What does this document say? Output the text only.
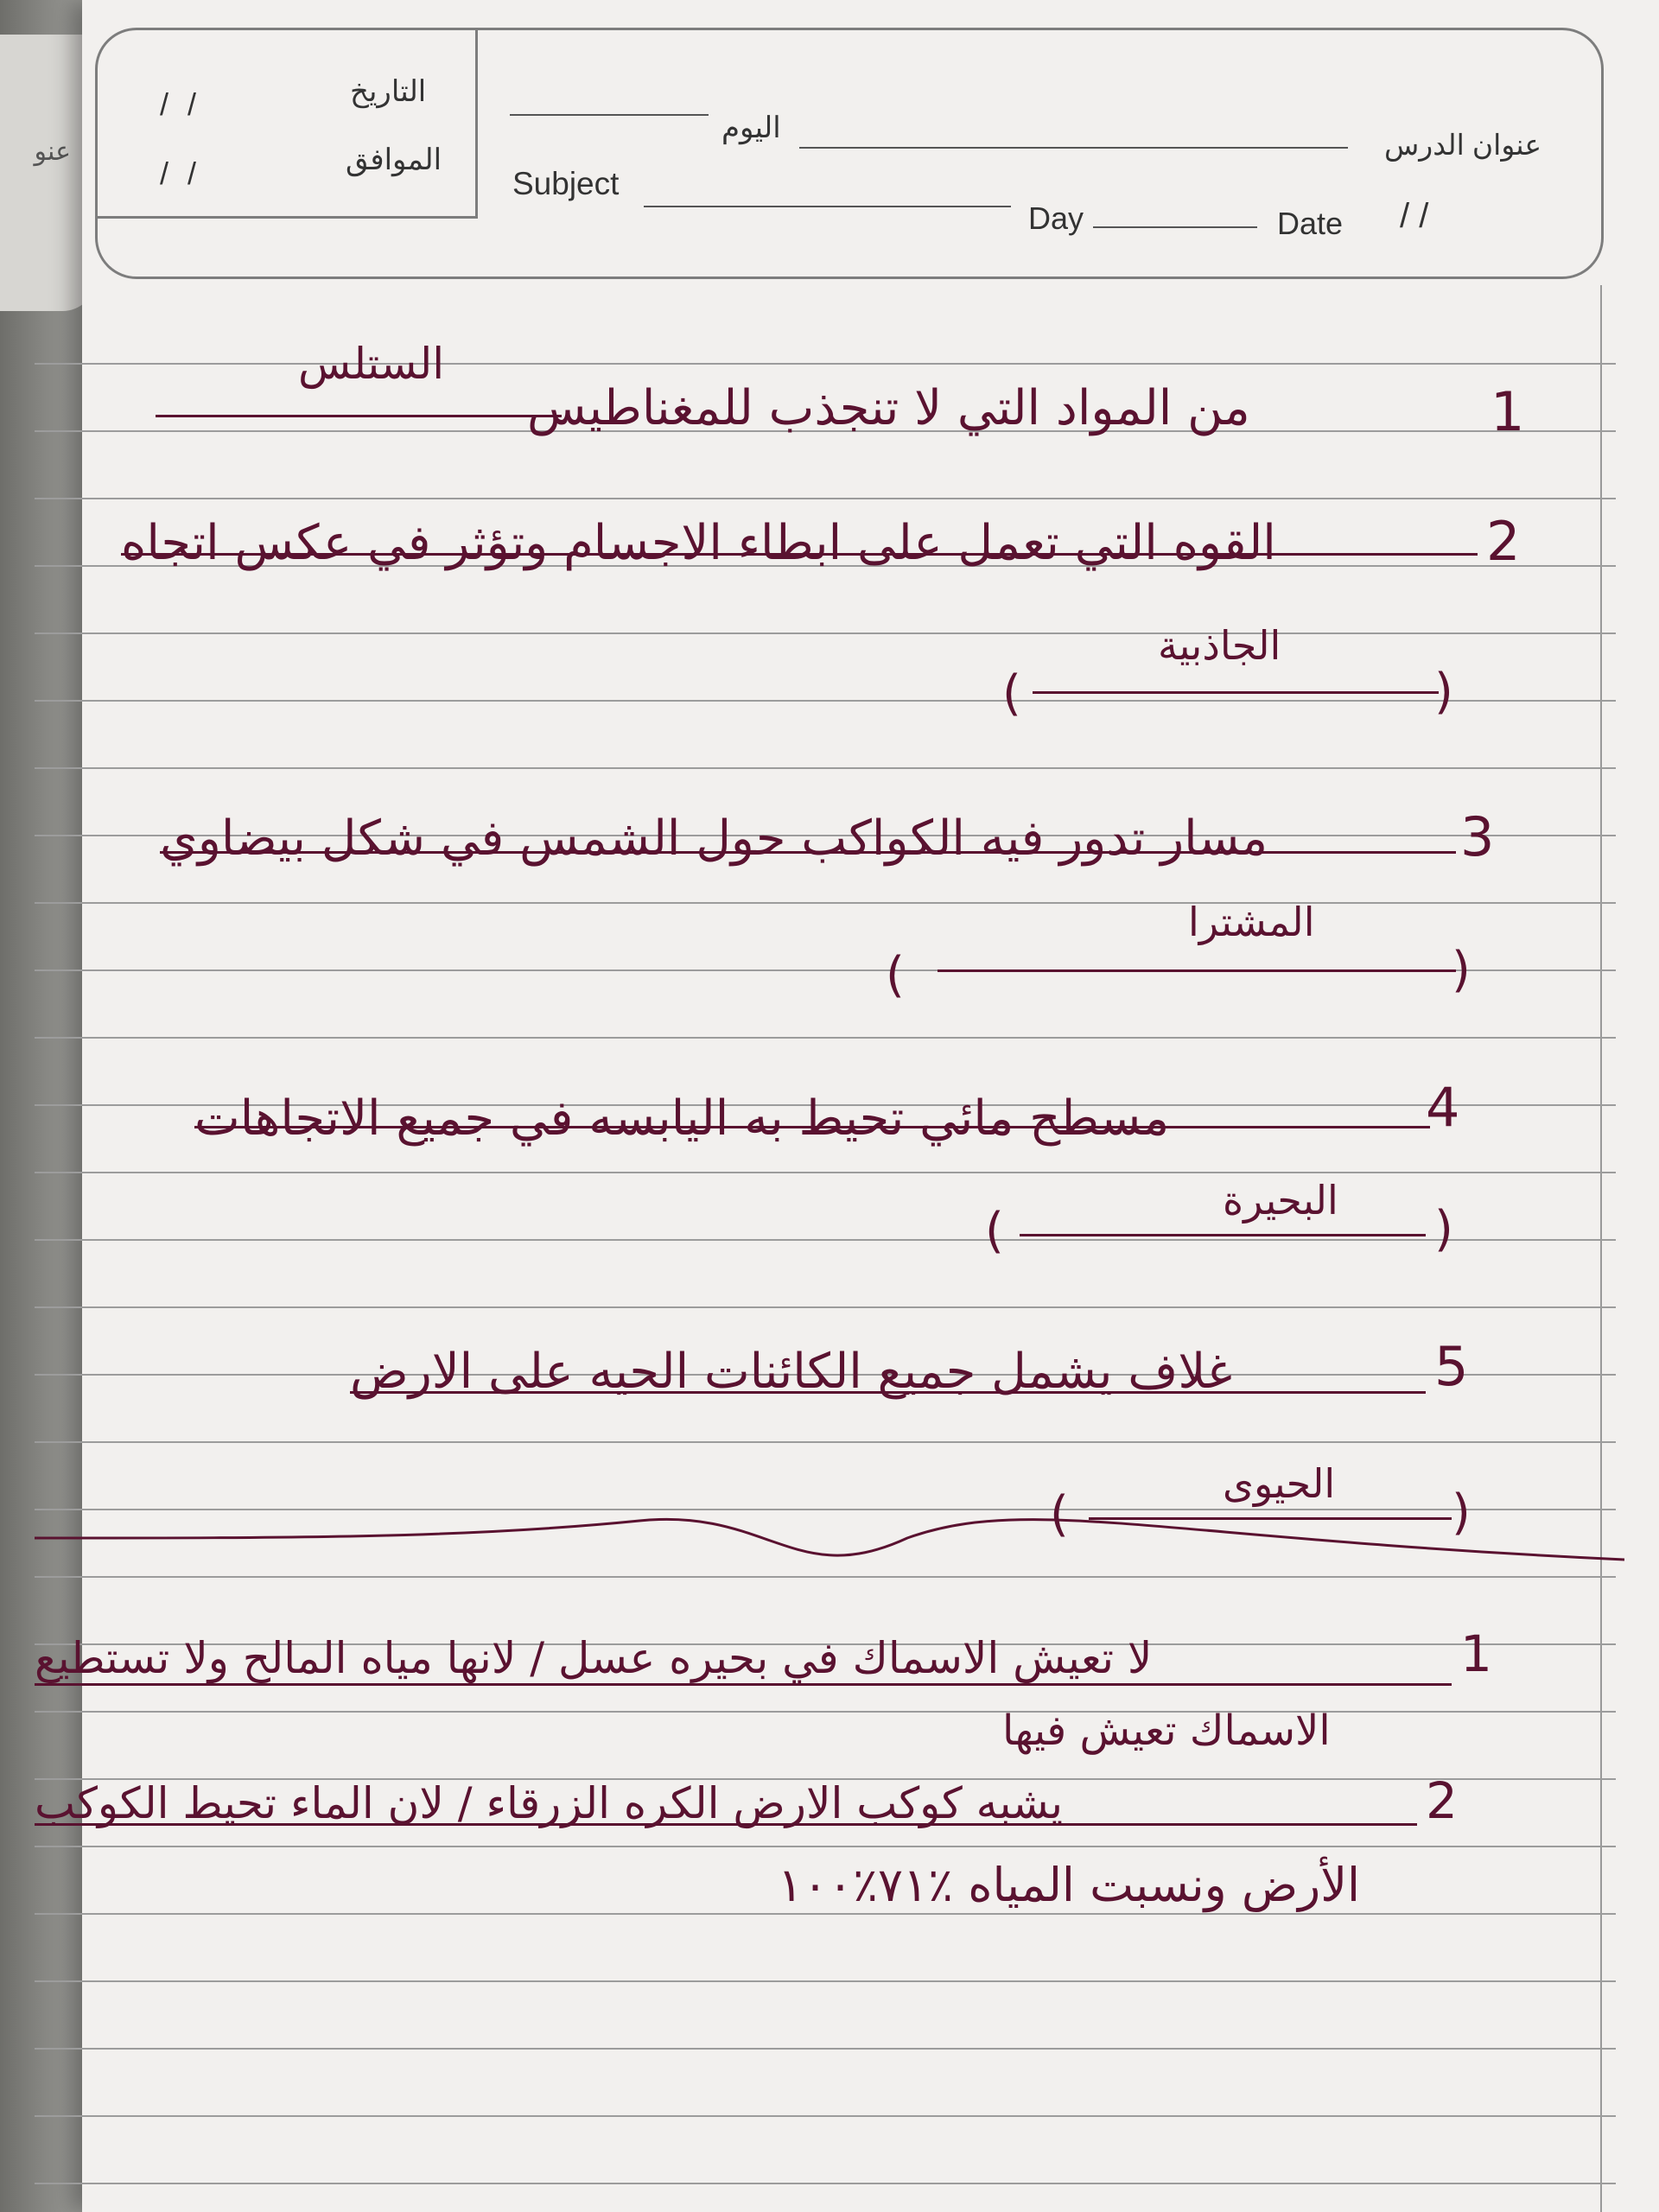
عنو
التاريخ
الموافق
/ /
/ /
اليوم
عنوان الدرس
Subject
Day	Date / /
من المواد التي لا تنجذب للمغناطيس	1
الستلس
القوه التي تعمل على ابطاء الاجسام وتؤثر في عكس اتجاه	2
الجاذبية
(	)
مسار تدور فيه الكواكب حول الشمس في شكل بيضاوي	3
المشترا
(	)
مسطح مائي تحيط به اليابسه في جميع الاتجاهات	4
البحيرة
(	)
غلاف يشمل جميع الكائنات الحيه على الارض	5
الحيوى
(	)
لا تعيش الاسماك في بحيره عسل / لانها مياه المالح ولا تستطيع	1
الاسماك تعيش فيها
يشبه كوكب الارض الكره الزرقاء / لان الماء تحيط الكوكب	2
الأرض ونسبت المياه ٪٧١٪١٠٠
